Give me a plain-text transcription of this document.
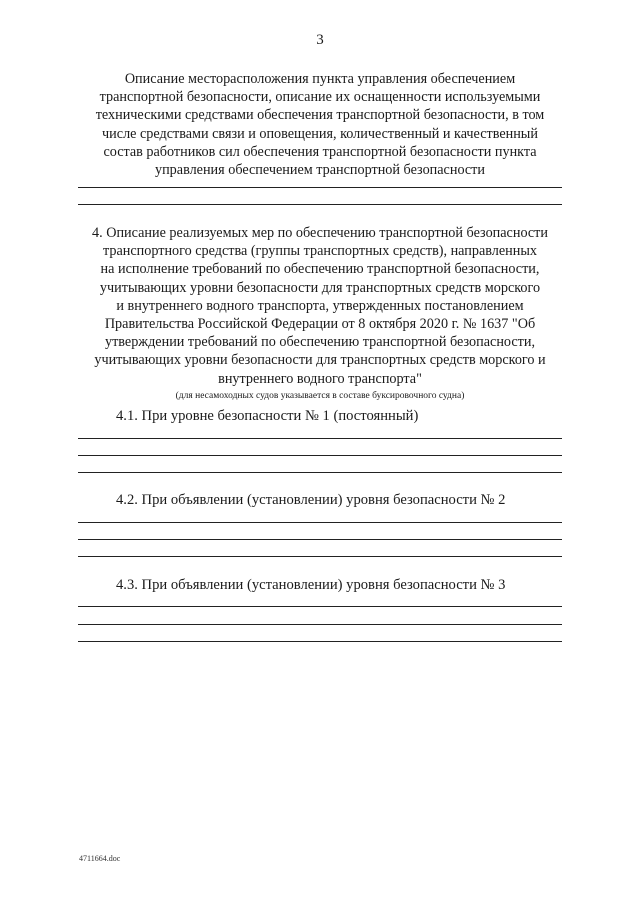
3
Описание месторасположения пункта управления обеспечением
транспортной безопасности, описание их оснащенности используемыми
техническими средствами обеспечения транспортной безопасности, в том
числе средствами связи и оповещения, количественный и качественный
состав работников сил обеспечения транспортной безопасности пункта
управления обеспечением транспортной безопасности
4. Описание реализуемых мер по обеспечению транспортной безопасности
транспортного средства (группы транспортных средств), направленных
на исполнение требований по обеспечению транспортной безопасности,
учитывающих уровни безопасности для транспортных средств морского
и внутреннего водного транспорта, утвержденных постановлением
Правительства Российской Федерации от 8 октября 2020 г. № 1637 "Об
утверждении требований по обеспечению транспортной безопасности,
учитывающих уровни безопасности для транспортных средств морского и
внутреннего водного транспорта"
(для несамоходных судов указывается в составе буксировочного судна)
4.1. При уровне безопасности № 1 (постоянный)
4.2. При объявлении (установлении) уровня безопасности № 2
4.3. При объявлении (установлении) уровня безопасности № 3
4711664.doc
